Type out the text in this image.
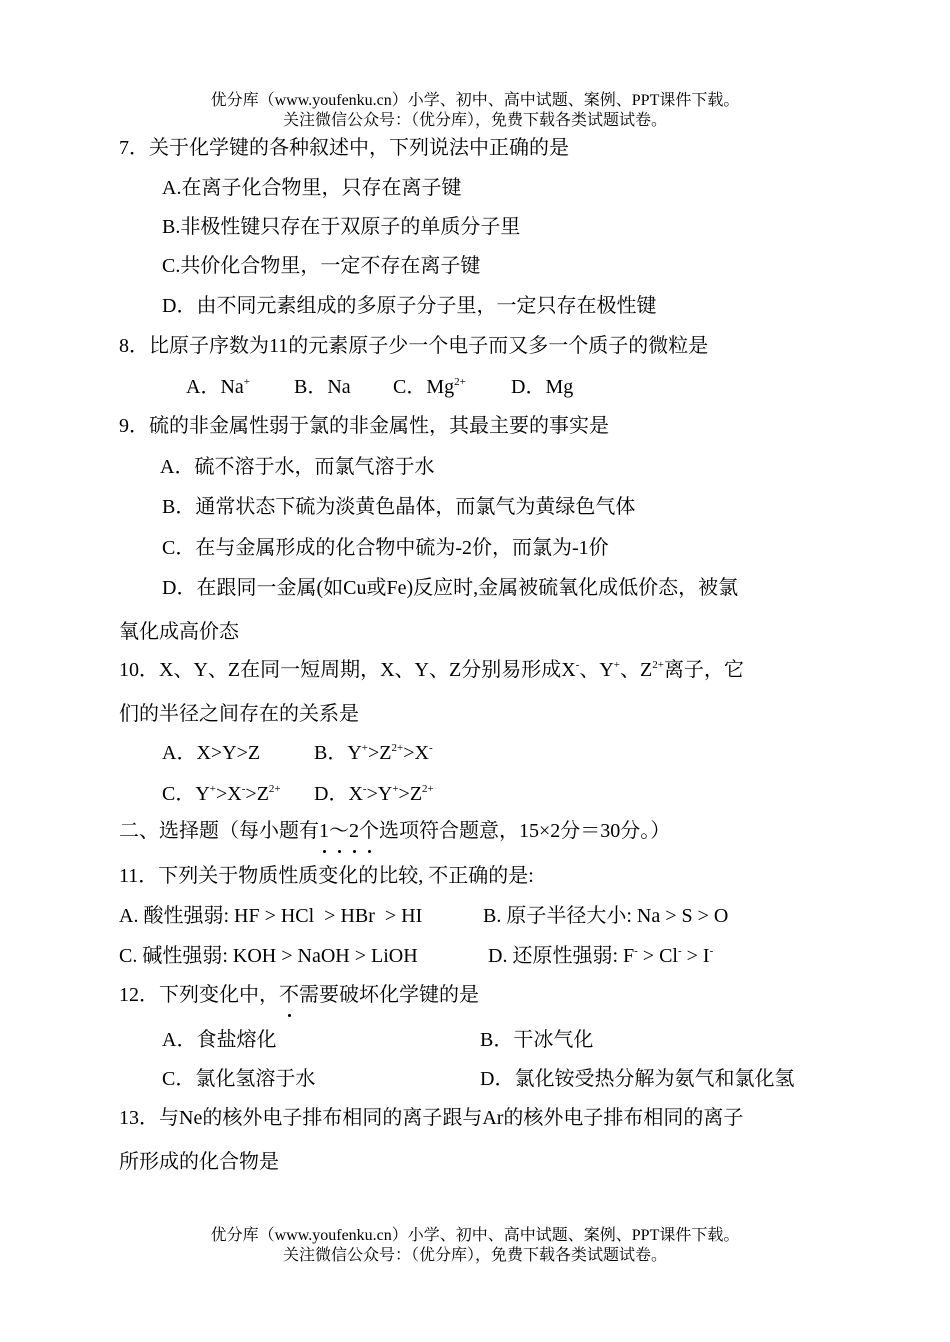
优分库（www.youfenku.cn）小学、初中、高中试题、案例、PPT课件下载。
关注微信公众号：（优分库），免费下载各类试题试卷。
7．关于化学键的各种叙述中，下列说法中正确的是
A.在离子化合物里，只存在离子键
B.非极性键只存在于双原子的单质分子里
C.共价化合物里，一定不存在离子键
D．由不同元素组成的多原子分子里，一定只存在极性键
8．比原子序数为11的元素原子少一个电子而又多一个质子的微粒是
A．Na+ B．Na C．$Mg^{2+}$ D．Mg
9．硫的非金属性弱于氯的非金属性，其最主要的事实是
A．硫不溶于水，而氯气溶于水
B．通常状态下硫为淡黄色晶体，而氯气为黄绿色气体
C．在与金属形成的化合物中硫为-2价，而氯为-1价
D．在跟同一金属(如Cu或Fe)反应时,金属被硫氧化成低价态，被氯
氧化成高价态
10．X、Y、Z在同一短周期，X、Y、Z分别易形成X-、Y+、$Z^{2+}$离子，它
们的半径之间存在的关系是
A．X>Y>Z	B．$Y^+>Z^{2+}>X^-$
C．$Y^+>X^->Z^{2+}$ D．$X^->Y^+>Z^{2+}$
二、选择题（每小题有1～2个选项符合题意，15×2分＝30分。）
11．下列关于物质性质变化的比较, 不正确的是:
A. 酸性强弱: HF > HCl  > HBr  > HI	B. 原子半径大小: Na > S > O
C. 碱性强弱: KOH > NaOH > LiOH	D. 还原性强弱: F- > Cl- > I-
12．下列变化中，不需要破坏化学键的是
A．食盐熔化	B．干冰气化
C．氯化氢溶于水	D．氯化铵受热分解为氨气和氯化氢
13．与Ne的核外电子排布相同的离子跟与Ar的核外电子排布相同的离子
所形成的化合物是
优分库（www.youfenku.cn）小学、初中、高中试题、案例、PPT课件下载。
关注微信公众号：（优分库），免费下载各类试题试卷。
